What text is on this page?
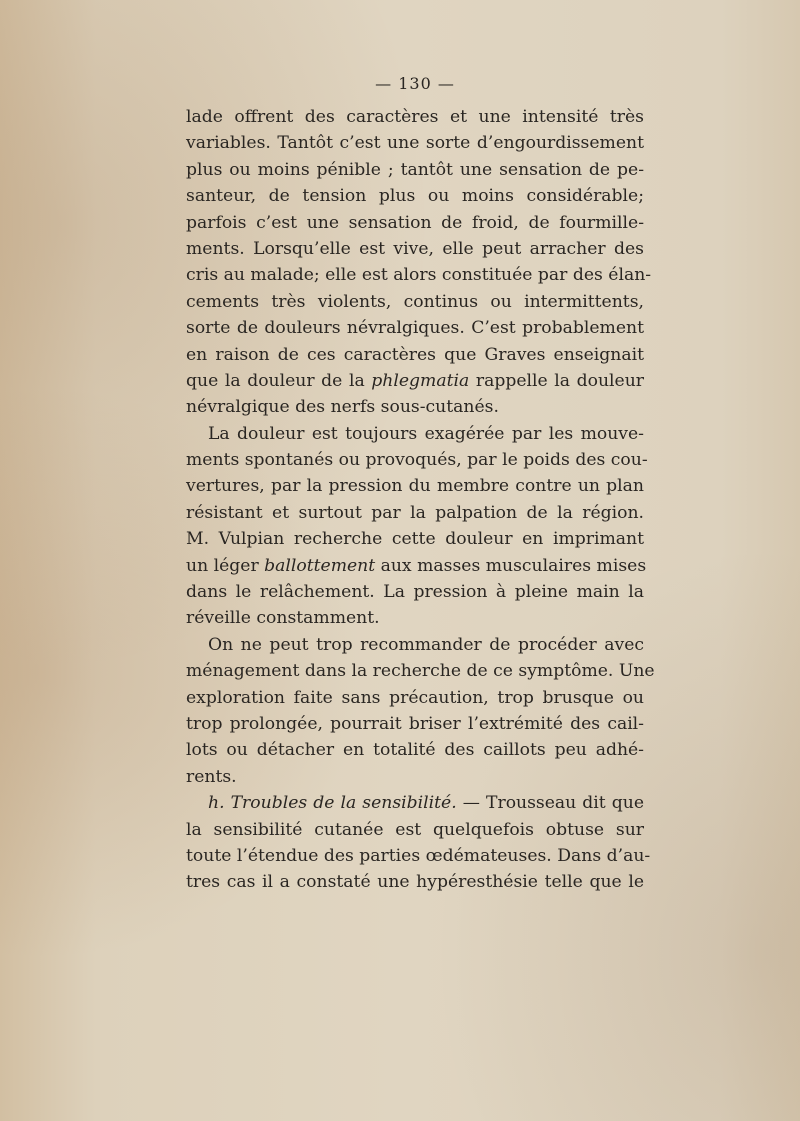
— 130 —
lade offrent des caractères et une intensité très
variables. Tantôt c’est une sorte d’engourdissement
plus ou moins pénible ; tantôt une sensation de pe-
santeur, de tension plus ou moins considérable;
parfois c’est une sensation de froid, de fourmille-
ments. Lorsqu’elle est vive, elle peut arracher des
cris au malade; elle est alors constituée par des élan-
cements très violents, continus ou intermittents,
sorte de douleurs névralgiques. C’est probablement
en raison de ces caractères que Graves enseignait
que la douleur de la phlegmatia rappelle la douleur
névralgique des nerfs sous-cutanés.
La douleur est toujours exagérée par les mouve-
ments spontanés ou provoqués, par le poids des cou-
vertures, par la pression du membre contre un plan
résistant et surtout par la palpation de la région.
M. Vulpian recherche cette douleur en imprimant
un léger ballottement aux masses musculaires mises
dans le relâchement. La pression à pleine main la
réveille constamment.
On ne peut trop recommander de procéder avec
ménagement dans la recherche de ce symptôme. Une
exploration faite sans précaution, trop brusque ou
trop prolongée, pourrait briser l’extrémité des cail-
lots ou détacher en totalité des caillots peu adhé-
rents.
h. Troubles de la sensibilité. — Trousseau dit que
la sensibilité cutanée est quelquefois obtuse sur
toute l’étendue des parties œdémateuses. Dans d’au-
tres cas il a constaté une hypéresthésie telle que le
